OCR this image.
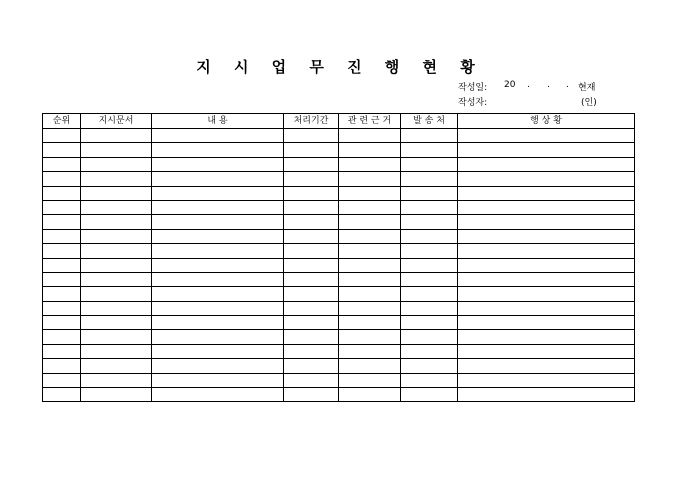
지 시 업 무 진 행 현 황
작성일: 20 . . . 현재
작성자:	(인)
순위	지시문서	내 용	처리기간	관 련 근 거	발 송 처	행 상 황
